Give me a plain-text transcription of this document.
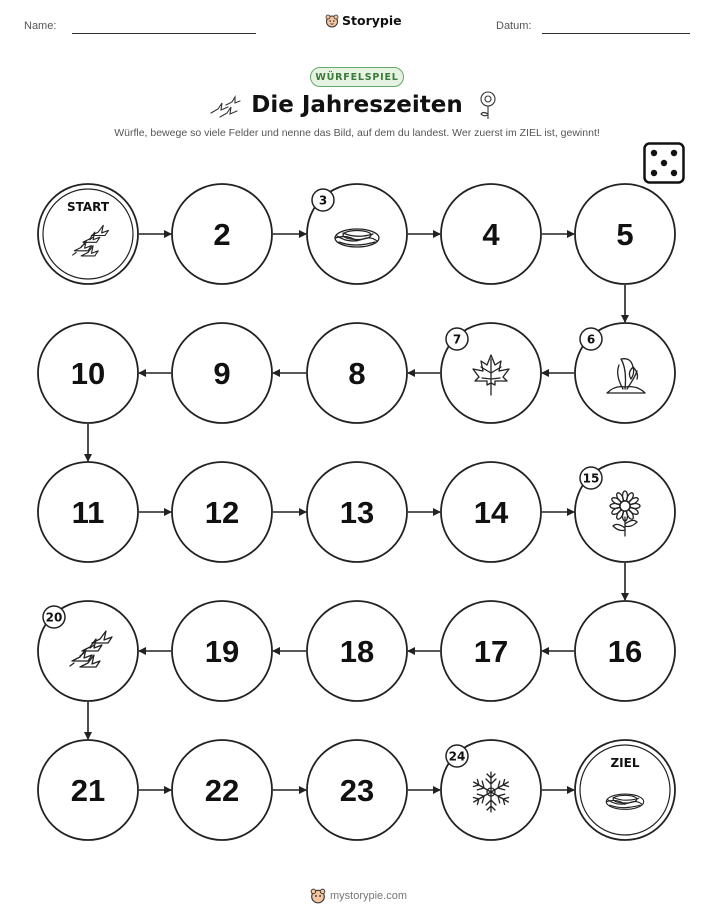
Name:	Storypie	Datum:
WÜRFELSPIEL
Die Jahreszeiten
Würfle, bewege so viele Felder und nenne das Bild, auf dem du landest. Wer zuerst im ZIEL ist, gewinnt!
START
2
3
4	5
6
7
8
9
10
11	12	13	14
15
16
17
18
19
20
21	22	23
24	ZIEL
mystorypie.com
